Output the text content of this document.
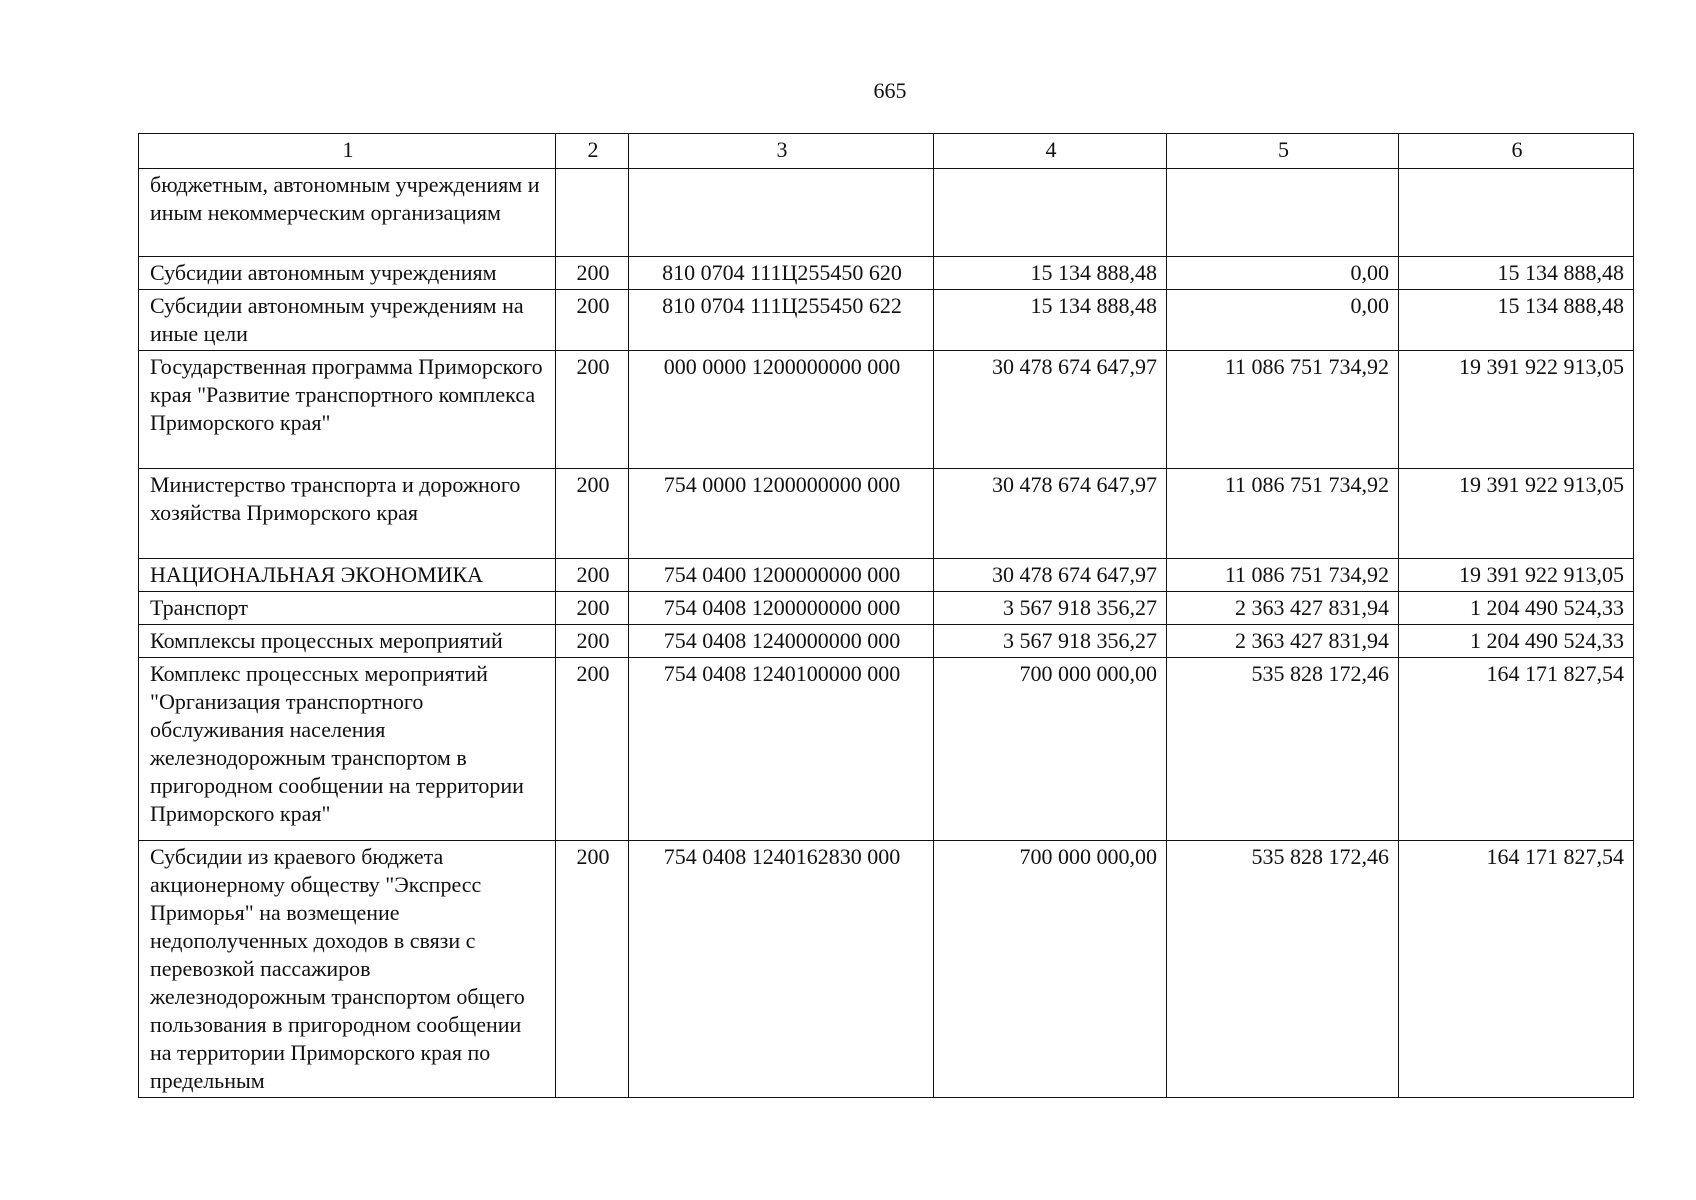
665
1	2	3	4	5	6
бюджетным, автономным учреждениям и иным некоммерческим организациям					
Субсидии автономным учреждениям	200	810 0704 111Ц255450 620	15 134 888,48	0,00	15 134 888,48
Субсидии автономным учреждениям на иные цели	200	810 0704 111Ц255450 622	15 134 888,48	0,00	15 134 888,48
Государственная программа Приморского края "Развитие транспортного комплекса Приморского края"	200	000 0000 1200000000 000	30 478 674 647,97	11 086 751 734,92	19 391 922 913,05
Министерство транспорта и дорожного хозяйства Приморского края	200	754 0000 1200000000 000	30 478 674 647,97	11 086 751 734,92	19 391 922 913,05
НАЦИОНАЛЬНАЯ ЭКОНОМИКА	200	754 0400 1200000000 000	30 478 674 647,97	11 086 751 734,92	19 391 922 913,05
Транспорт	200	754 0408 1200000000 000	3 567 918 356,27	2 363 427 831,94	1 204 490 524,33
Комплексы процессных мероприятий	200	754 0408 1240000000 000	3 567 918 356,27	2 363 427 831,94	1 204 490 524,33
Комплекс процессных мероприятий "Организация транспортного обслуживания населения железнодорожным транспортом в пригородном сообщении на территории Приморского края"	200	754 0408 1240100000 000	700 000 000,00	535 828 172,46	164 171 827,54
Субсидии из краевого бюджета акционерному обществу "Экспресс Приморья" на возмещение недополученных доходов в связи с перевозкой пассажиров железнодорожным транспортом общего пользования в пригородном сообщении на территории Приморского края по предельным	200	754 0408 1240162830 000	700 000 000,00	535 828 172,46	164 171 827,54
